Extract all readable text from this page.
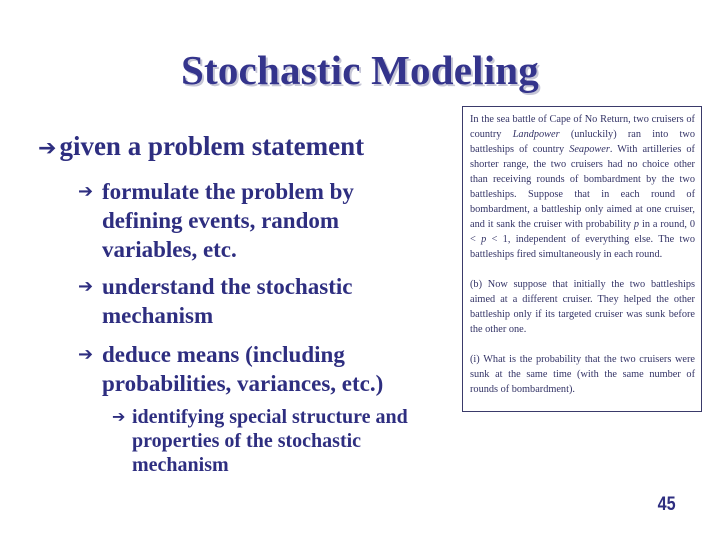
Stochastic Modeling
➔ given a problem statement
➔ formulate the problem by defining events, random variables, etc.
➔ understand the stochastic mechanism
➔ deduce means (including probabilities, variances, etc.)
➔ identifying special structure and properties of the stochastic mechanism

In the sea battle of Cape of No Return, two cruisers of country Landpower (unluckily) ran into two battleships of country Seapower. With artilleries of shorter range, the two cruisers had no choice other than receiving rounds of bombardment by the two battleships. Suppose that in each round of bombardment, a battleship only aimed at one cruiser, and it sank the cruiser with probability p in a round, 0 < p < 1, independent of everything else. The two battleships fired simultaneously in each round.

(b) Now suppose that initially the two battleships aimed at a different cruiser. They helped the other battleship only if its targeted cruiser was sunk before the other one.

(i) What is the probability that the two cruisers were sunk at the same time (with the same number of rounds of bombardment).

45
